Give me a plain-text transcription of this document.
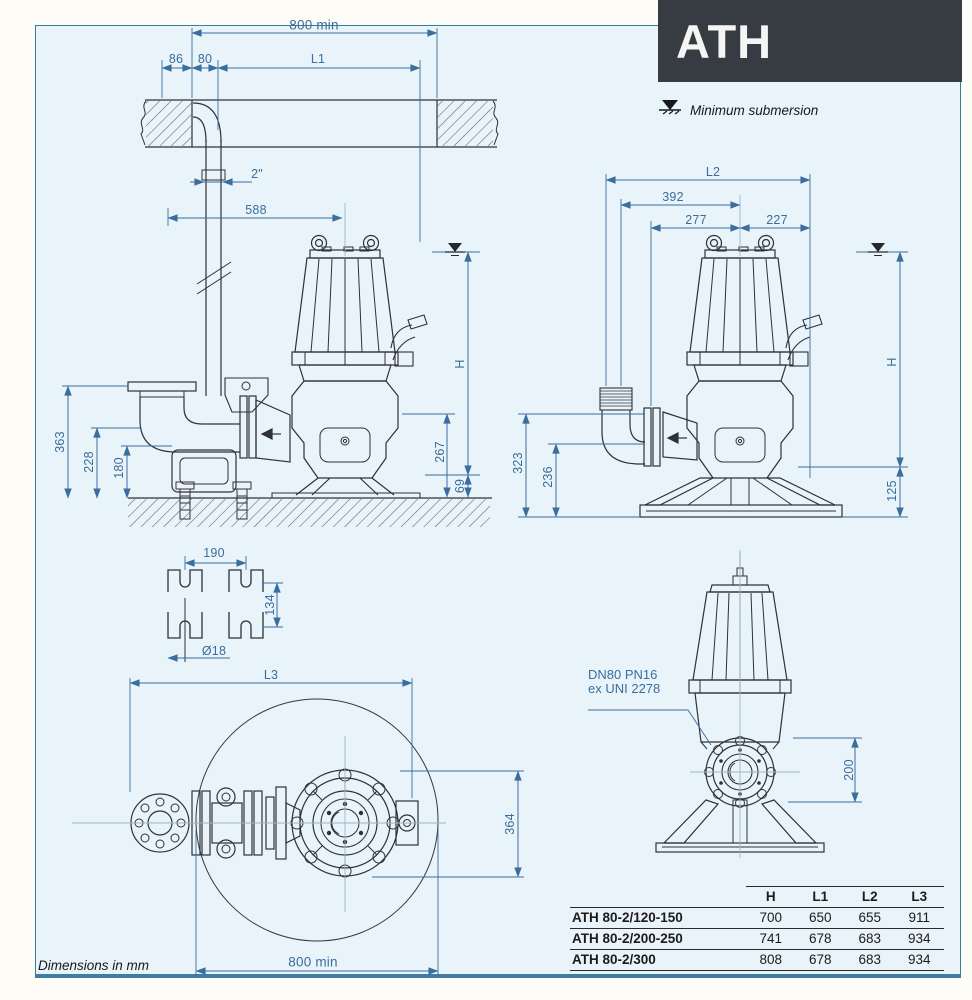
ATH
Minimum submersion
800 min
86 80	L1
2"
588
363
228 180
267
69
H
L2
392
277	227
323
236
H
125
190
134
Ø18
L3
364
800 min
DN80 PN16
ex UNI 2278
200
	H	L1	L2	L3
ATH 80-2/120-150	700	650	655	911
ATH 80-2/200-250	741	678	683	934
ATH 80-2/300	808	678	683	934
Dimensions in mm
